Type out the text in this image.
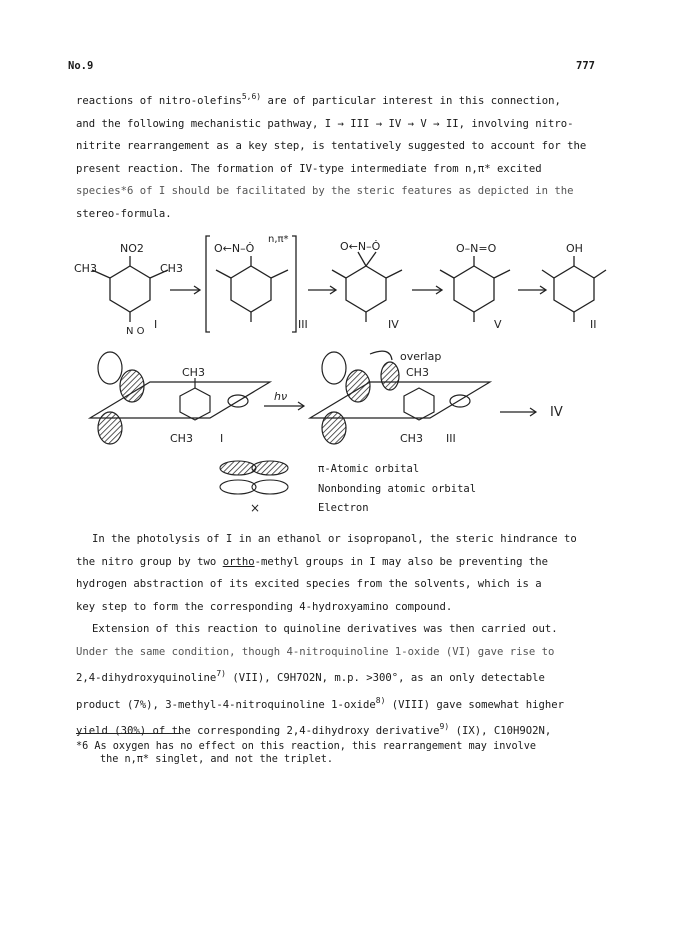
No.9	777
reactions of nitro-olefins$^{5,6)}$ are of particular interest in this connection,
and the following mechanistic pathway, I → III → IV → V → II, involving nitro-
nitrite rearrangement as a key step, is tentatively suggested to account for the
present reaction. The formation of IV-type intermediate from n,π* excited
species*6 of I should be facilitated by the steric features as depicted in the
stereo-formula.
NO2
CH3	CH3
N O
O←N–Ȯ
n,π*
O←N–Ȯ	O–N=O	OH
I	III	IV	V	II
CH3
CH3 I
hν
overlap
CH3
CH3 III
IV
×
π-Atomic orbital
Nonbonding atomic orbital
Electron
In the photolysis of I in an ethanol or isopropanol, the steric hindrance to
the nitro group by two ortho-methyl groups in I may also be preventing the
hydrogen abstraction of its excited species from the solvents, which is a
key step to form the corresponding 4-hydroxyamino compound.
Extension of this reaction to quinoline derivatives was then carried out.
Under the same condition, though 4-nitroquinoline 1-oxide (VI) gave rise to
2,4-dihydroxyquinoline$^{7)}$ (VII), C9H7O2N, m.p. >300°, as an only detectable
product (7%), 3-methyl-4-nitroquinoline 1-oxide$^{8)}$ (VIII) gave somewhat higher
yield (30%) of the corresponding 2,4-dihydroxy derivative$^{9)}$ (IX), C10H9O2N,
*6 As oxygen has no effect on this reaction, this rearrangement may involve
the n,π* singlet, and not the triplet.
